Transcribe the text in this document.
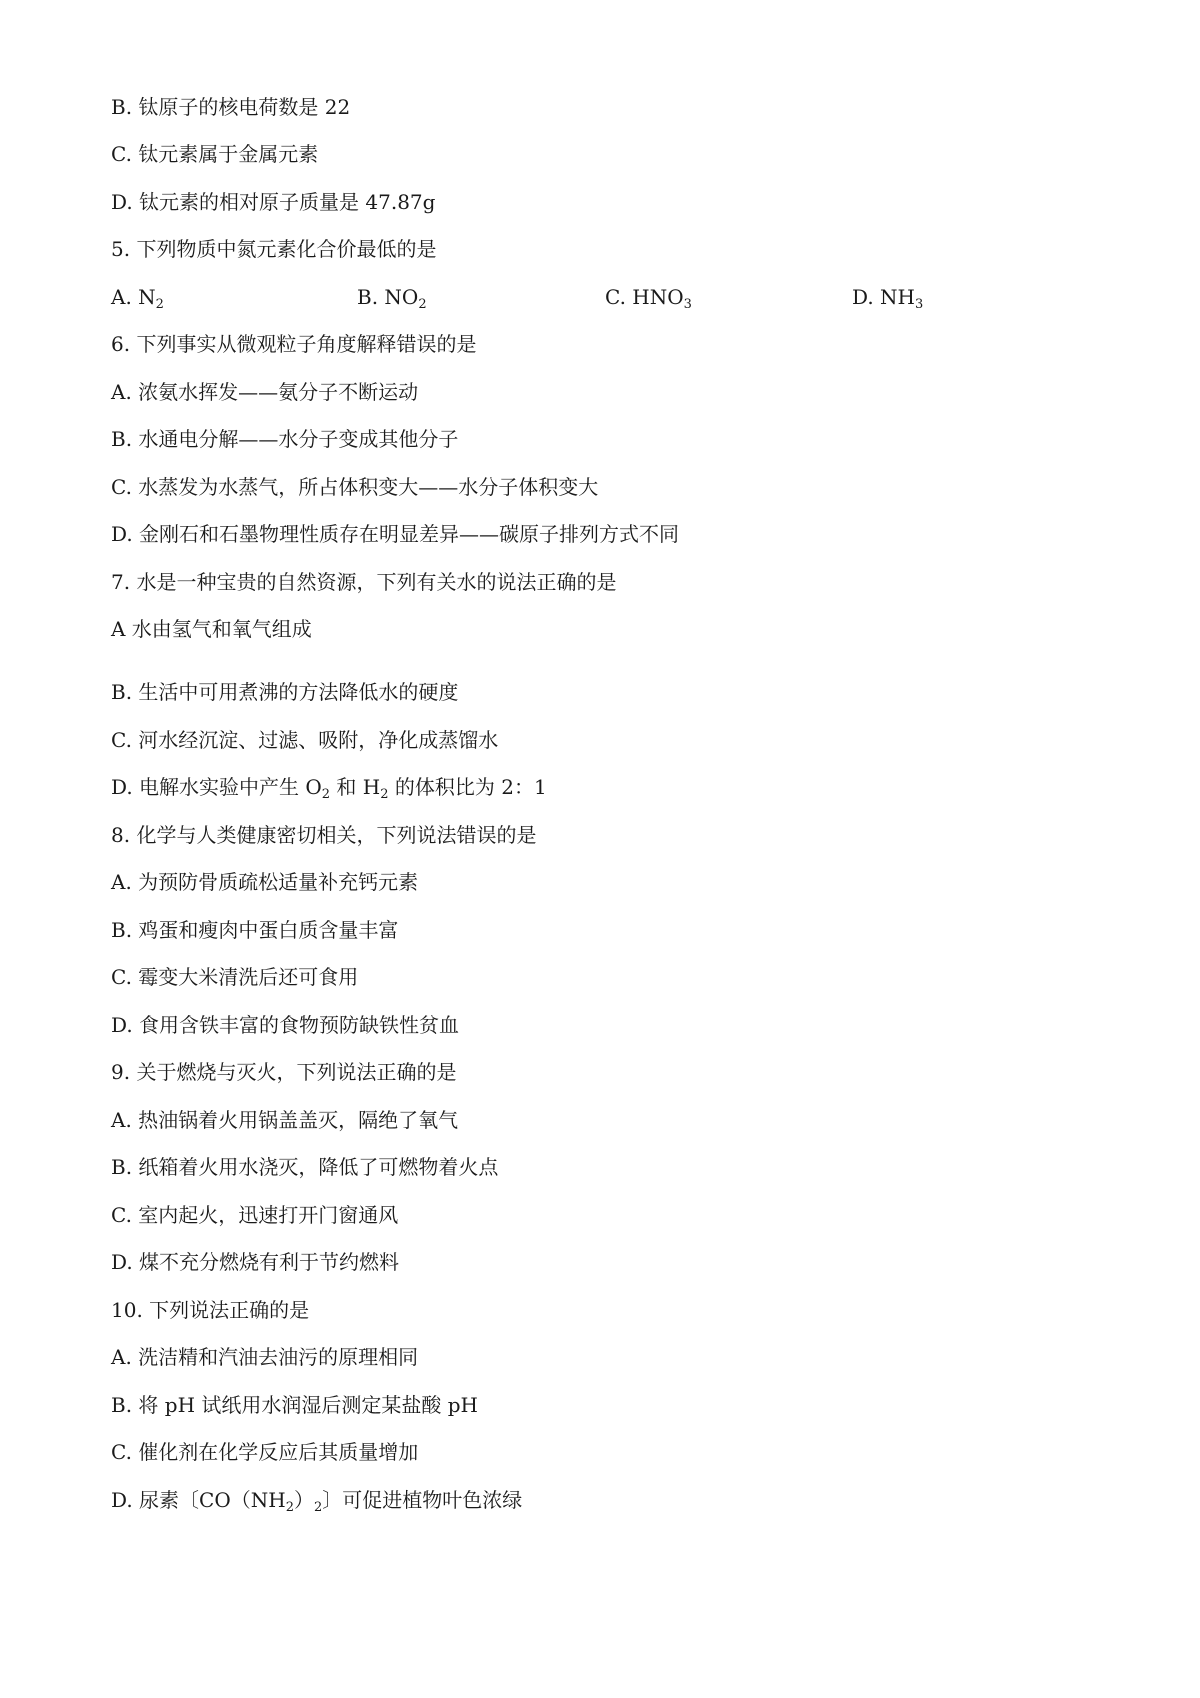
B. 钛原子的核电荷数是 22
C. 钛元素属于金属元素
D. 钛元素的相对原子质量是 47.87g
5. 下列物质中氮元素化合价最低的是
A. $N_2$	B. $NO_2$	C. $HNO_3$	D. $NH_3$
6. 下列事实从微观粒子角度解释错误的是
A. 浓氨水挥发——氨分子不断运动
B. 水通电分解——水分子变成其他分子
C. 水蒸发为水蒸气，所占体积变大——水分子体积变大
D. 金刚石和石墨物理性质存在明显差异——碳原子排列方式不同
7. 水是一种宝贵的自然资源，下列有关水的说法正确的是
A 水由氢气和氧气组成
B. 生活中可用煮沸的方法降低水的硬度
C. 河水经沉淀、过滤、吸附，净化成蒸馏水
D. 电解水实验中产生 $O_2$ 和 $H_2$ 的体积比为 2：1
8. 化学与人类健康密切相关，下列说法错误的是
A. 为预防骨质疏松适量补充钙元素
B. 鸡蛋和瘦肉中蛋白质含量丰富
C. 霉变大米清洗后还可食用
D. 食用含铁丰富的食物预防缺铁性贫血
9. 关于燃烧与灭火，下列说法正确的是
A. 热油锅着火用锅盖盖灭，隔绝了氧气
B. 纸箱着火用水浇灭，降低了可燃物着火点
C. 室内起火，迅速打开门窗通风
D. 煤不充分燃烧有利于节约燃料
10. 下列说法正确的是
A. 洗洁精和汽油去油污的原理相同
B. 将 pH 试纸用水润湿后测定某盐酸 pH
C. 催化剂在化学反应后其质量增加
D. 尿素〔$CO(NH_2)_2$〕可促进植物叶色浓绿
